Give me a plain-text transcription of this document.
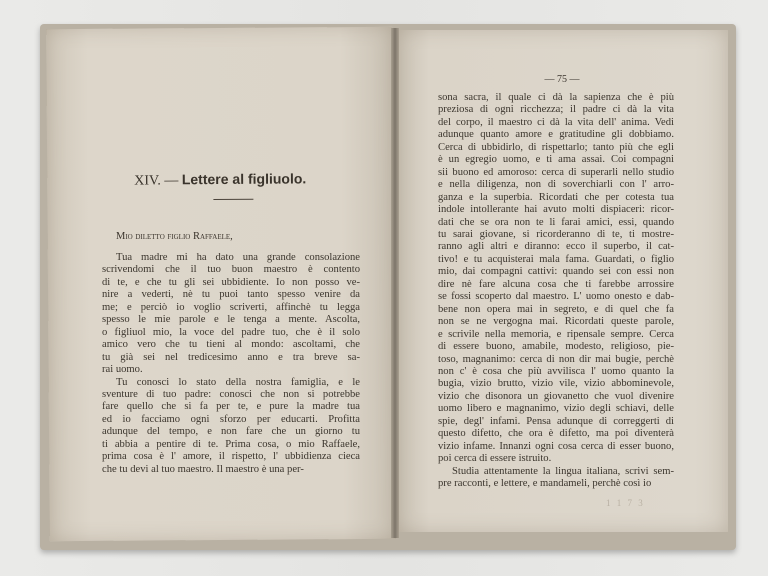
XIV. — Lettere al figliuolo.
Mio diletto figlio Raffaele,
Tua madre mi ha dato una grande consolazione
scrivendomi che il tuo buon maestro è contento
di te, e che tu gli sei ubbidiente. Io non posso ve-
nire a vederti, nè tu puoi tanto spesso venire da
me; e perciò io voglio scriverti, affinchè tu legga
spesso le mie parole e le tenga a mente. Ascolta,
o figliuol mio, la voce del padre tuo, che è il solo
amico vero che tu tieni al mondo: ascoltami, che
tu già sei nel tredicesimo anno e tra breve sa-
rai uomo.
Tu conosci lo stato della nostra famiglia, e le
sventure di tuo padre: conosci che non si potrebbe
fare quello che si fa per te, e pure la madre tua
ed io facciamo ogni sforzo per educarti. Profitta
adunque del tempo, e non fare che un giorno tu
ti abbia a pentire di te. Prima cosa, o mio Raffaele,
prima cosa è l' amore, il rispetto, l' ubbidienza cieca
che tu devi al tuo maestro. Il maestro è una per-
— 75 —
sona sacra, il quale ci dà la sapienza che è più
preziosa di ogni ricchezza; il padre ci dà la vita
del corpo, il maestro ci dà la vita dell' anima. Vedi
adunque quanto amore e gratitudine gli dobbiamo.
Cerca di ubbidirlo, di rispettarlo; tanto più che egli
è un egregio uomo, e ti ama assai. Coi compagni
sii buono ed amoroso: cerca di superarli nello studio
e nella diligenza, non di soverchiarli con l' arro-
ganza e la superbia. Ricordati che per cotesta tua
indole intollerante hai avuto molti dispiaceri: ricor-
dati che se ora non te li farai amici, essi, quando
tu sarai giovane, si ricorderanno di te, ti mostre-
ranno agli altri e diranno: ecco il superbo, il cat-
tivo! e tu acquisterai mala fama. Guardati, o figlio
mio, dai compagni cattivi: quando sei con essi non
dire nè fare alcuna cosa che ti farebbe arrossire
se fossi scoperto dal maestro. L' uomo onesto e dab-
bene non opera mai in segreto, e di quel che fa
non se ne vergogna mai. Ricordati queste parole,
e scrivile nella memoria, e ripensale sempre. Cerca
di essere buono, amabile, modesto, religioso, pie-
toso, magnanimo: cerca di non dir mai bugie, perchè
non c' è cosa che più avvilisca l' uomo quanto la
bugia, vizio brutto, vizio vile, vizio abbominevole,
vizio che disonora un giovanetto che vuol divenire
uomo libero e magnanimo, vizio degli schiavi, delle
spie, degl' infami. Pensa adunque di correggerti di
questo difetto, che ora è difetto, ma poi diventerà
vizio infame. Innanzi ogni cosa cerca di esser buono,
poi cerca di essere istruito.
Studia attentamente la lingua italiana, scrivi sem-
pre racconti, e lettere, e mandameli, perchè così io
1 1 7 3
